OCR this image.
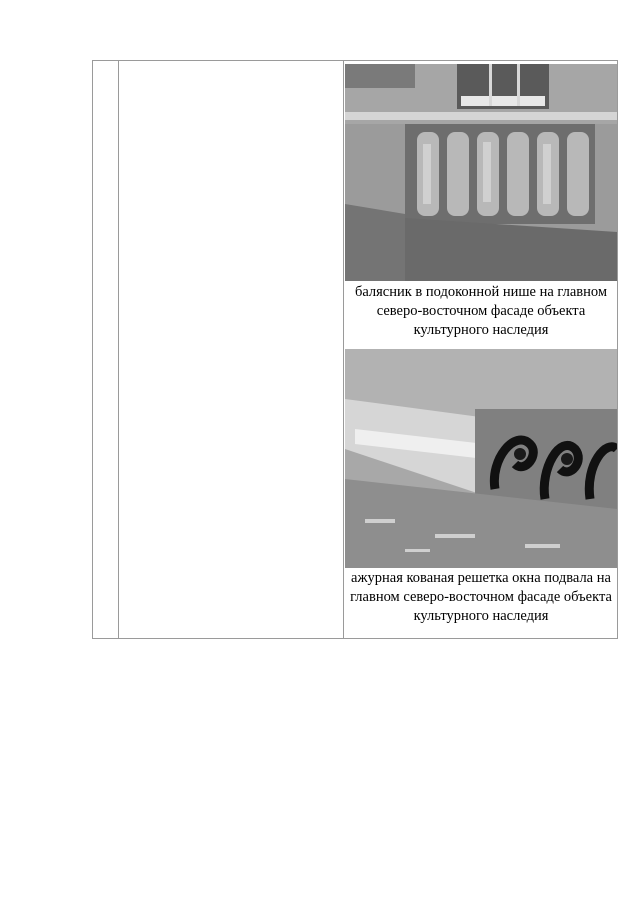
балясник в подоконной нише на главном северо-восточном фасаде объекта культурного наследия
ажурная кованая решетка окна подвала на главном северо-восточном фасаде объекта культурного наследия
